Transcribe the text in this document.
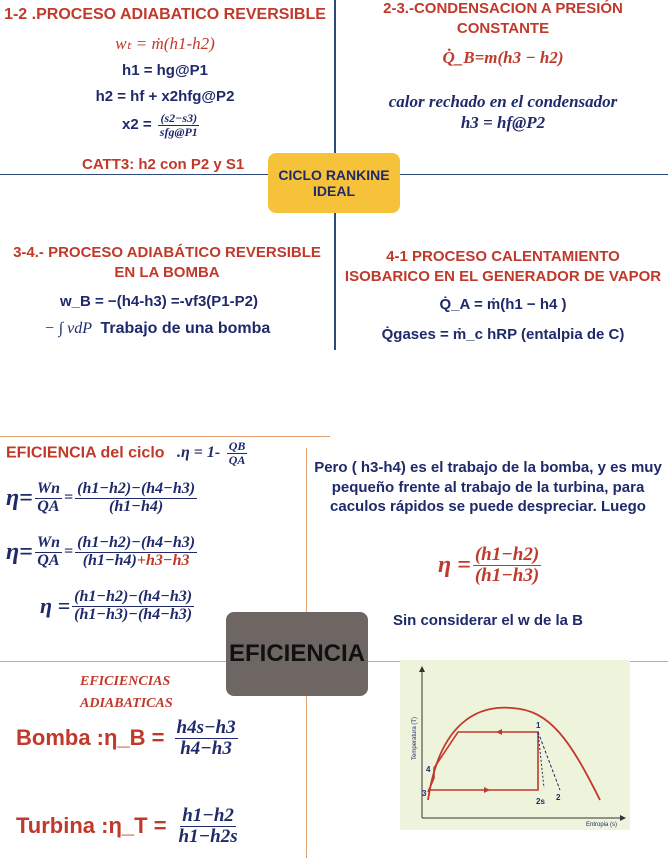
1-2 .PROCESO ADIABATICO REVERSIBLE
wₜ = ṁ(h1-h2)
h1 = hg@P1
h2 = hf + x2hfg@P2
$x2 = \frac{(s2-s3)}{\text{sfg@P1}}$
CATT3: h2 con P2 y S1
2-3.-CONDENSACION A PRESIÓN
CONSTANTE
Q̇_B=m(h3 − h2)
calor rechado en el condensador
h3 = hf@P2
CICLO RANKINE
IDEAL
3-4.- PROCESO ADIABÁTICO REVERSIBLE
EN LA BOMBA
w_B = −(h4-h3) =-vf3(P1-P2)
− ∫ vdP Trabajo de una bomba
4-1 PROCESO CALENTAMIENTO
ISOBARICO EN EL GENERADOR DE VAPOR
Q̇_A = ṁ(h1 − h4 )
Q̇gases = ṁ_c hRP (entalpia de C)
EFICIENCIA del ciclo $.\eta = 1- \frac{QB}{QA}$
$\eta= \frac{Wn}{QA} = \frac{(h1-h2)-(h4-h3)}{(h1-h4)}$
$\eta= \frac{Wn}{QA} = \frac{(h1-h2)-(h4-h3)}{(h1-h4)+h3-h3}$
$\eta = \frac{(h1-h2)-(h4-h3)}{(h1-h3)-(h4-h3)}$
Pero ( h3-h4) es el trabajo de la bomba, y es muy pequeño frente al trabajo de la turbina, para caculos rápidos se puede despreciar. Luego
$\eta = \frac{(h1-h2)}{(h1-h3)}$
Sin considerar el w de la B
EFICIENCIA
EFICIENCIAS
ADIABATICAS
Bomba :η_B = $\frac{h4s-h3}{h4-h3}$
Turbina :η_T = $\frac{h1-h2}{h1-h2s}$
Temperatura (T)
Entropia (s)
1
2
2s
3
4
